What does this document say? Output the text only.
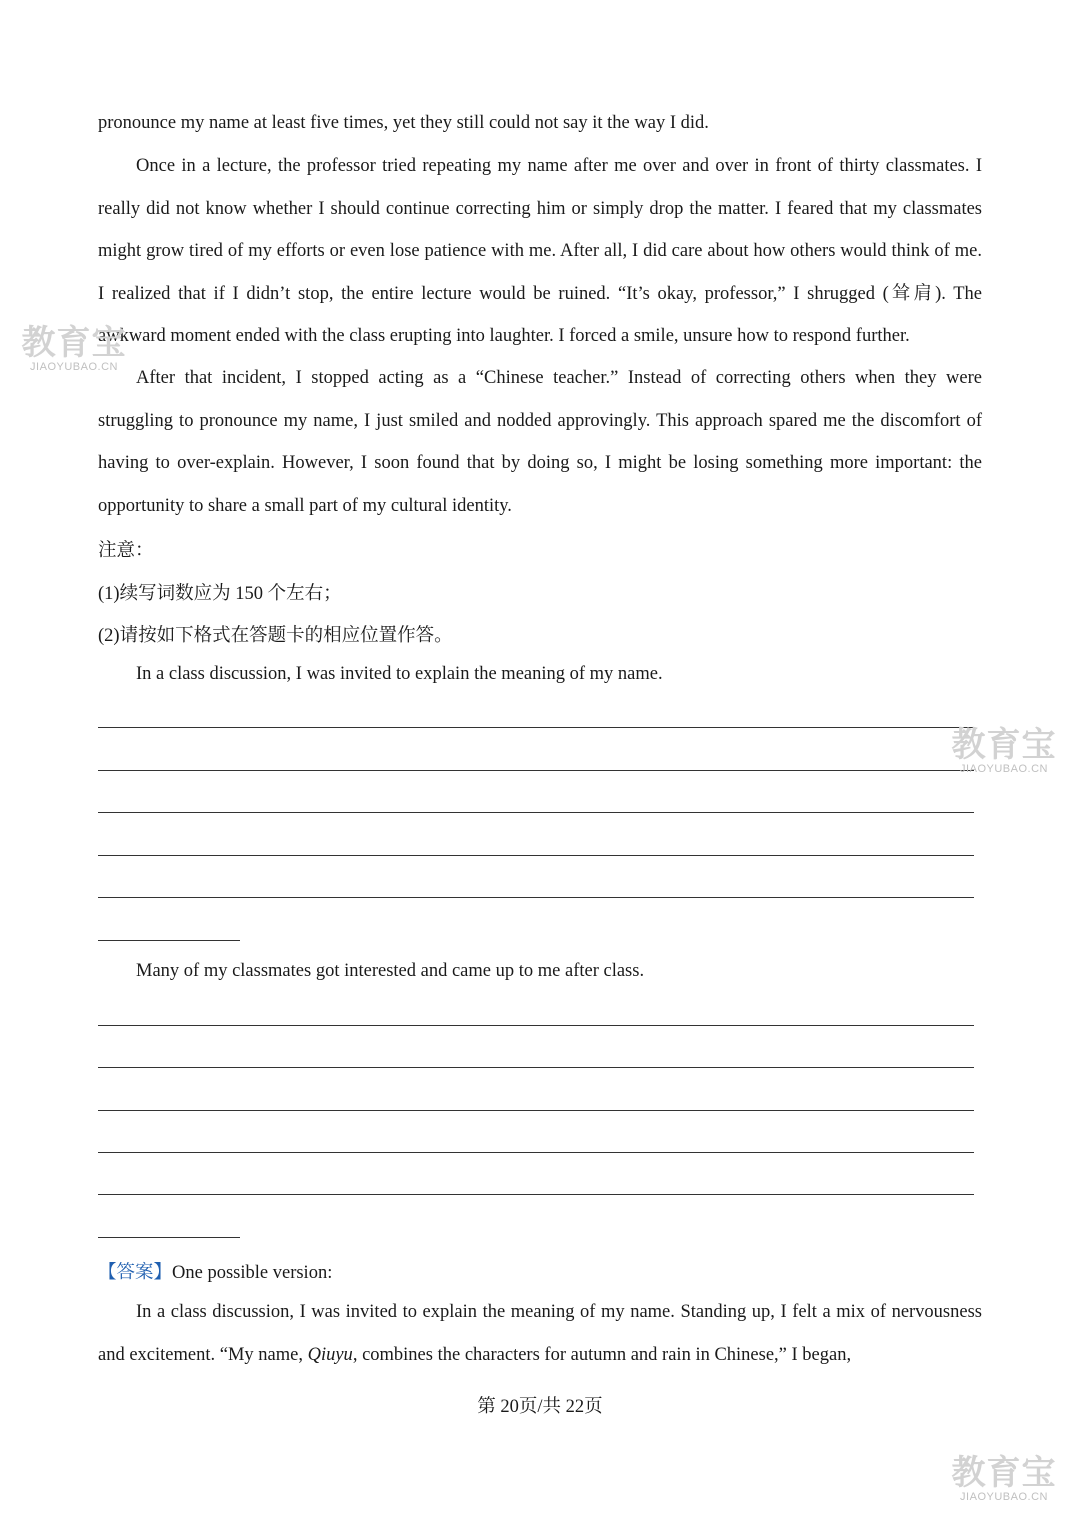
pronounce my name at least five times, yet they still could not say it the way I did.

Once in a lecture, the professor tried repeating my name after me over and over in front of thirty classmates. I really did not know whether I should continue correcting him or simply drop the matter. I feared that my classmates might grow tired of my efforts or even lose patience with me. After all, I did care about how others would think of me. I realized that if I didn’t stop, the entire lecture would be ruined. “It’s okay, professor,” I shrugged (耸肩). The awkward moment ended with the class erupting into laughter. I forced a smile, unsure how to respond further.

After that incident, I stopped acting as a “Chinese teacher.” Instead of correcting others when they were struggling to pronounce my name, I just smiled and nodded approvingly. This approach spared me the discomfort of having to over-explain. However, I soon found that by doing so, I might be losing something more important: the opportunity to share a small part of my cultural identity.

注意：

(1)续写词数应为 150 个左右；

(2)请按如下格式在答题卡的相应位置作答。

In a class discussion, I was invited to explain the meaning of my name.

Many of my classmates got interested and came up to me after class.

【答案】One possible version:

In a class discussion, I was invited to explain the meaning of my name. Standing up, I felt a mix of nervousness and excitement. “My name, Qiuyu, combines the characters for autumn and rain in Chinese,” I began,

第 20页/共 22页
教育宝
JIAOYUBAO.CN
教育宝
JIAOYUBAO.CN
教育宝
JIAOYUBAO.CN
